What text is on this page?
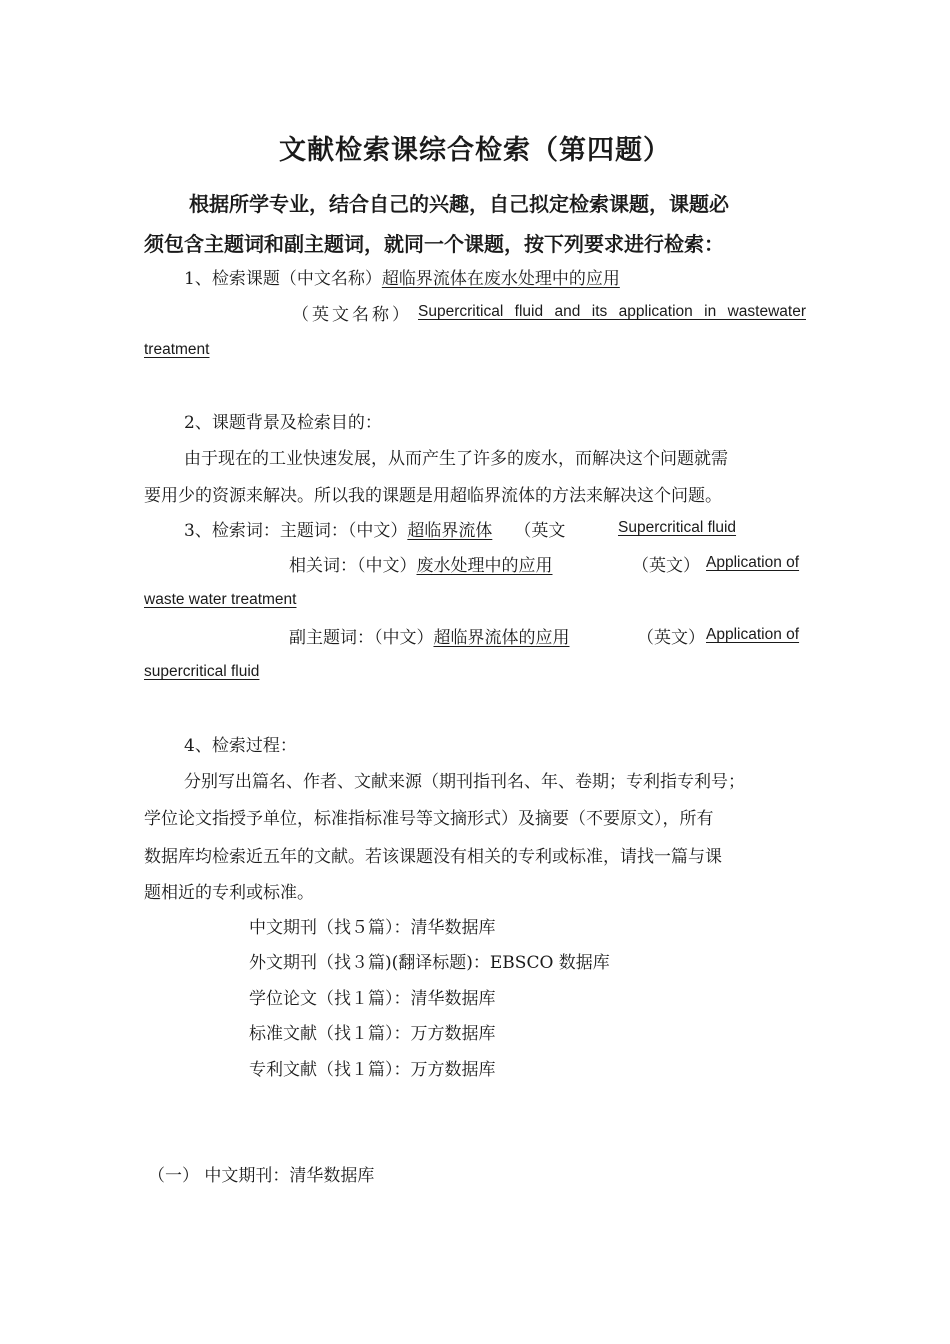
文献检索课综合检索（第四题）
根据所学专业，结合自己的兴趣，自己拟定检索课题，课题必
须包含主题词和副主题词，就同一个课题，按下列要求进行检索：
1、检索课题（中文名称）超临界流体在废水处理中的应用
（英文名称） Supercritical fluid and its application in wastewater
treatment
2、课题背景及检索目的：
由于现在的工业快速发展，从而产生了许多的废水，而解决这个问题就需
要用少的资源来解决。所以我的课题是用超临界流体的方法来解决这个问题。
3、检索词：主题词：（中文）超临界流体 （英文	Supercritical fluid
相关词：（中文）废水处理中的应用	（英文） Application of
waste water treatment
副主题词：（中文）超临界流体的应用	（英文） Application of
supercritical fluid
4、检索过程：
分别写出篇名、作者、文献来源（期刊指刊名、年、卷期；专利指专利号；
学位论文指授予单位，标准指标准号等文摘形式）及摘要（不要原文），所有
数据库均检索近五年的文献。若该课题没有相关的专利或标准，请找一篇与课
题相近的专利或标准。
中文期刊（找５篇）：清华数据库
外文期刊（找３篇)(翻译标题)：EBSCO 数据库
学位论文（找１篇）：清华数据库
标准文献（找１篇）：万方数据库
专利文献（找１篇）：万方数据库
（一） 中文期刊：清华数据库
